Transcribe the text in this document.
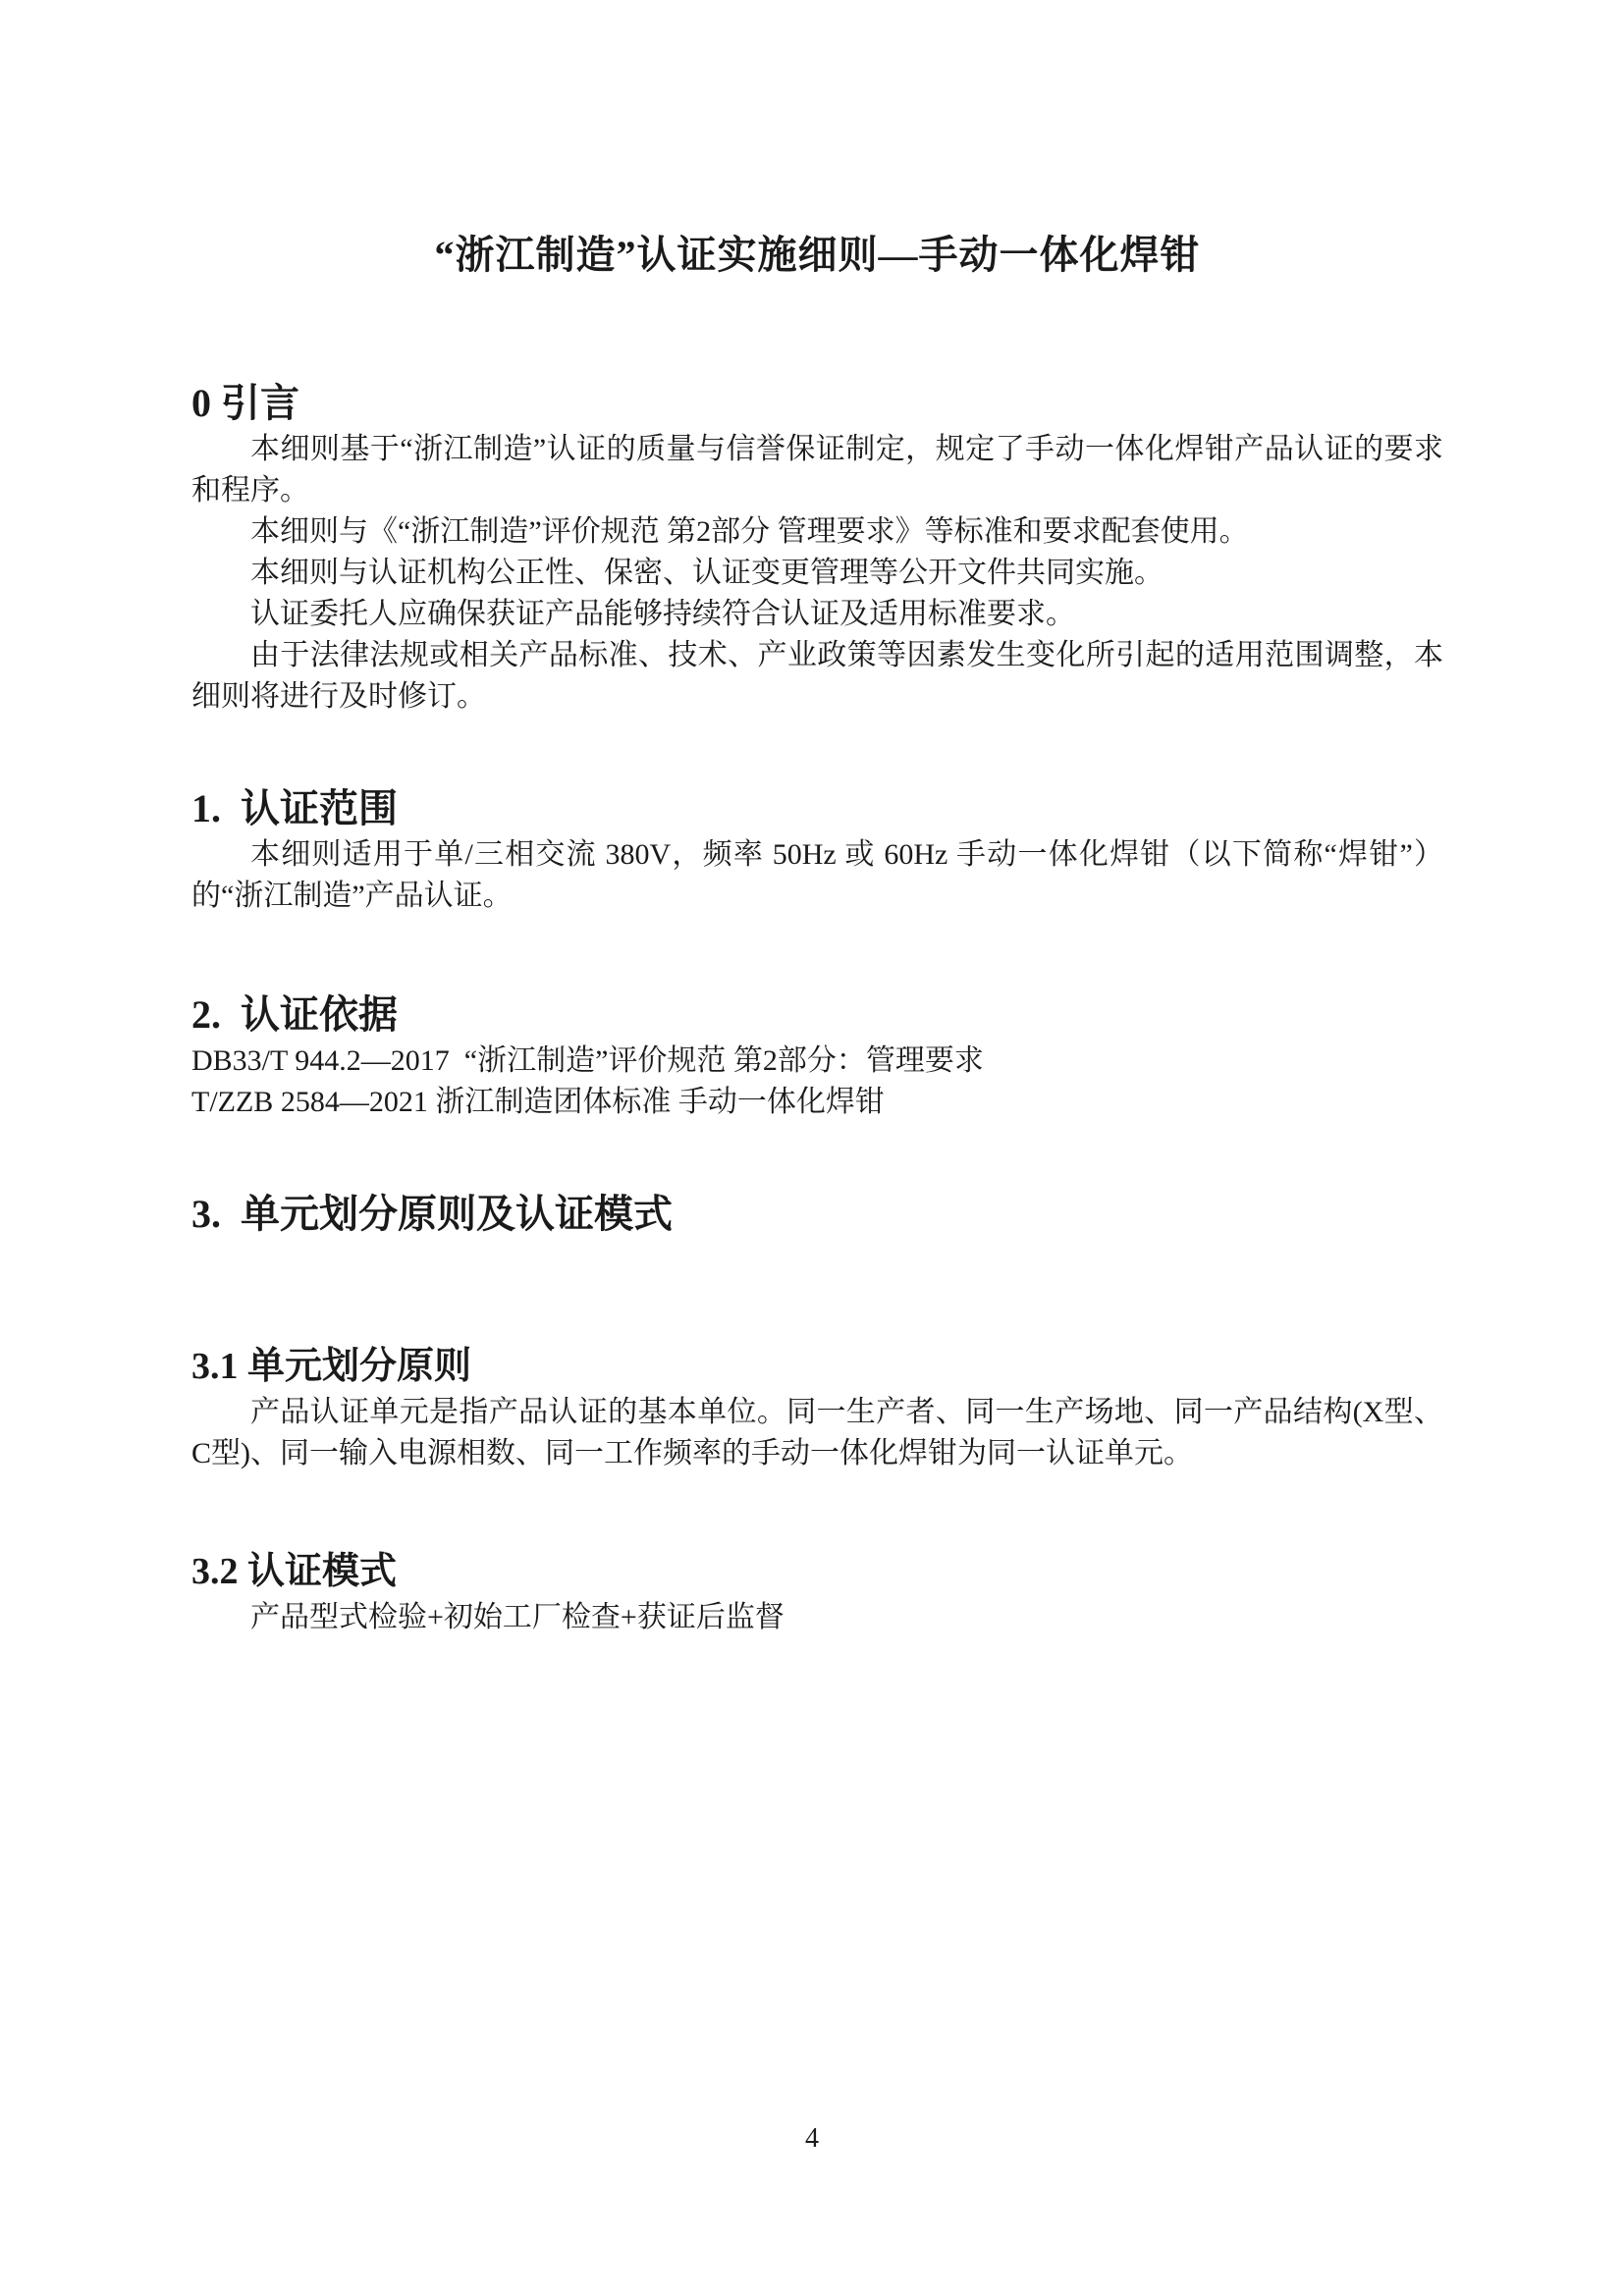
“浙江制造”认证实施细则—手动一体化焊钳
0 引言

本细则基于“浙江制造”认证的质量与信誉保证制定，规定了手动一体化焊钳产品认证的要求和程序。

本细则与《“浙江制造”评价规范 第2部分 管理要求》等标准和要求配套使用。

本细则与认证机构公正性、保密、认证变更管理等公开文件共同实施。

认证委托人应确保获证产品能够持续符合认证及适用标准要求。

由于法律法规或相关产品标准、技术、产业政策等因素发生变化所引起的适用范围调整，本细则将进行及时修订。

1.  认证范围

本细则适用于单/三相交流 380V，频率 50Hz 或 60Hz 手动一体化焊钳（以下简称“焊钳”）的“浙江制造”产品认证。

2.  认证依据

DB33/T 944.2—2017  “浙江制造”评价规范 第2部分：管理要求

T/ZZB 2584—2021 浙江制造团体标准 手动一体化焊钳

3.  单元划分原则及认证模式
3.1 单元划分原则

产品认证单元是指产品认证的基本单位。同一生产者、同一生产场地、同一产品结构(X型、C型)、同一输入电源相数、同一工作频率的手动一体化焊钳为同一认证单元。

3.2 认证模式

产品型式检验+初始工厂检查+获证后监督

4
